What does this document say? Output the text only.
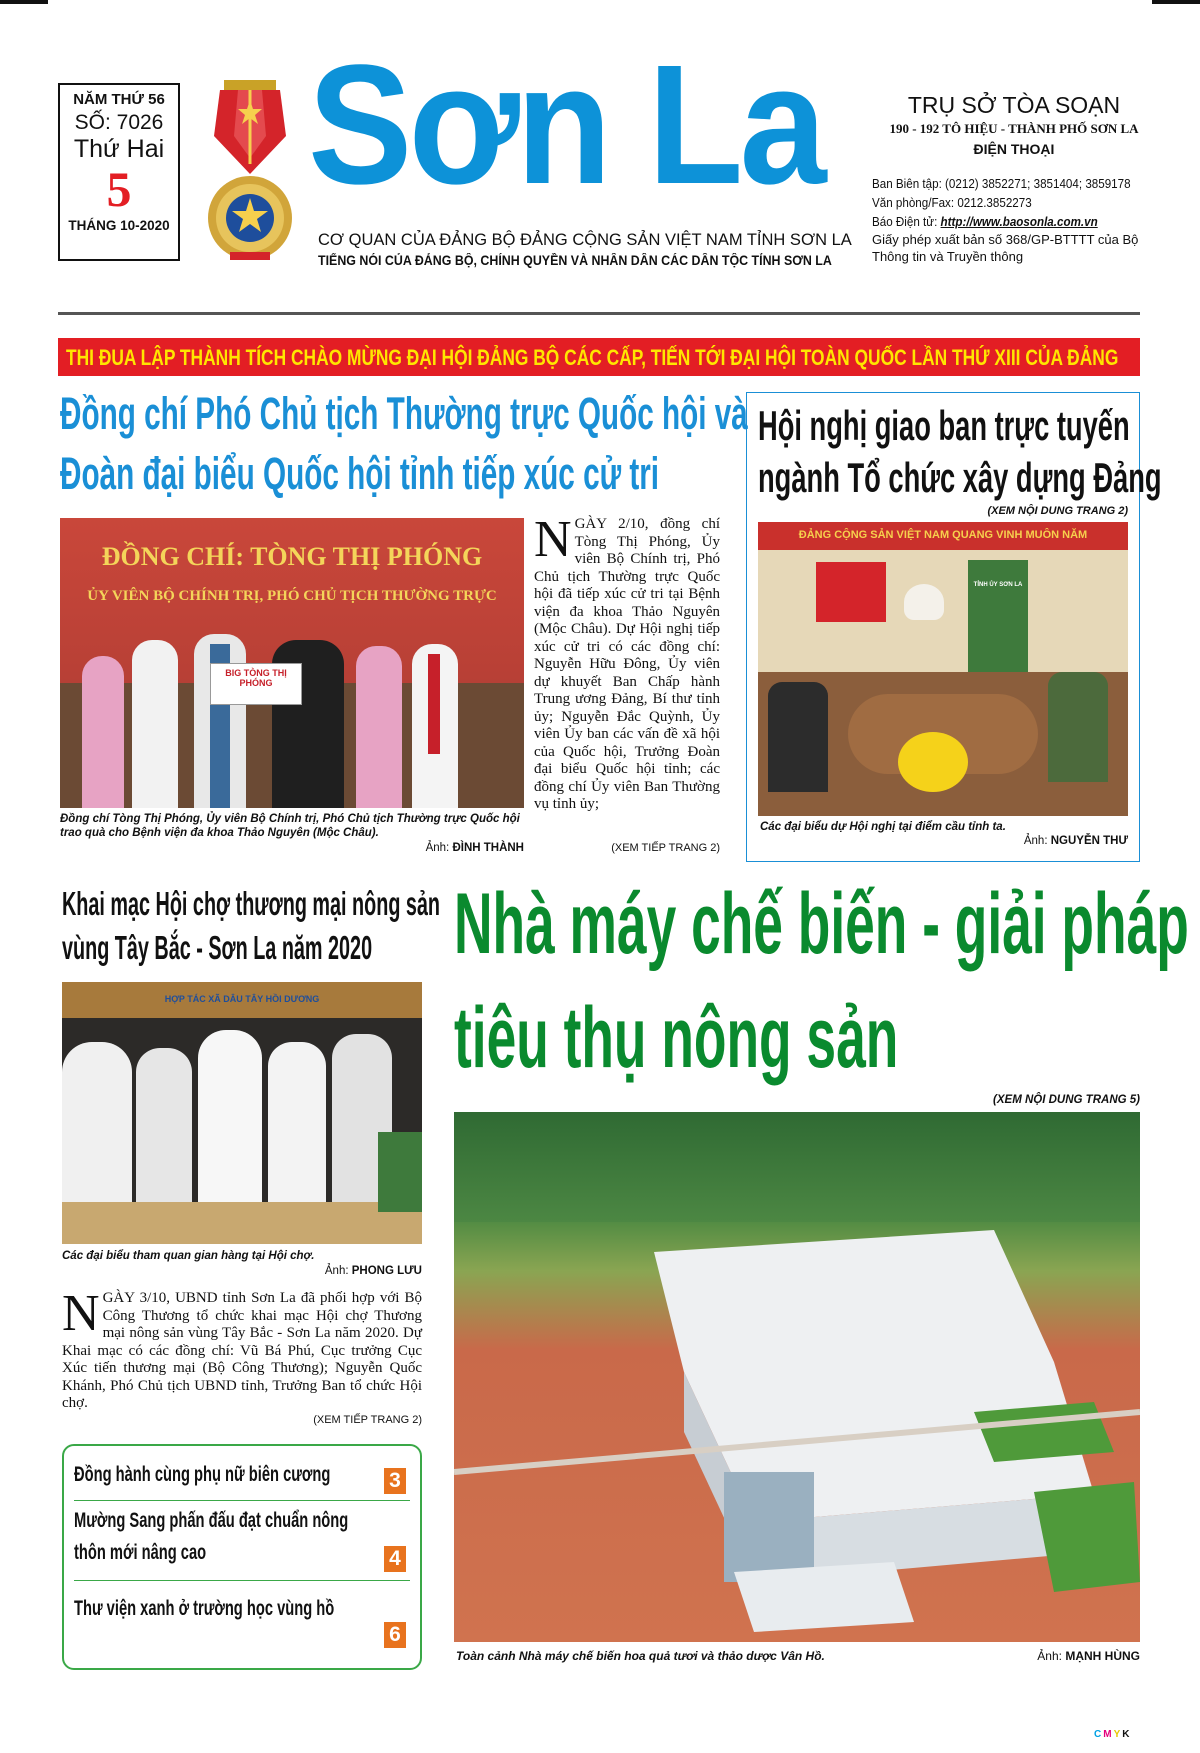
NĂM THỨ 56
SỐ: 7026
Thứ Hai
5
THÁNG 10-2020
Sơn La
CƠ QUAN CỦA ĐẢNG BỘ ĐẢNG CỘNG SẢN VIỆT NAM TỈNH SƠN LA
TIẾNG NÓI CỦA ĐẢNG BỘ, CHÍNH QUYỀN VÀ NHÂN DÂN CÁC DÂN TỘC TỈNH SƠN LA
TRỤ SỞ TÒA SOẠN
190 - 192 TÔ HIỆU - THÀNH PHỐ SƠN LA
ĐIỆN THOẠI
Ban Biên tập: (0212) 3852271; 3851404; 3859178
Văn phòng/Fax: 0212.3852273
Báo Điện tử: http://www.baosonla.com.vn
Giấy phép xuất bản số 368/GP-BTTTT của Bộ Thông tin và Truyền thông
THI ĐUA LẬP THÀNH TÍCH CHÀO MỪNG ĐẠI HỘI ĐẢNG BỘ CÁC CẤP, TIẾN TỚI ĐẠI HỘI TOÀN QUỐC LẦN THỨ XIII CỦA ĐẢNG
Đồng chí Phó Chủ tịch Thường trực Quốc hội và
Đoàn đại biểu Quốc hội tỉnh tiếp xúc cử tri
ĐỒNG CHÍ: TÒNG THỊ PHÓNG
ỦY VIÊN BỘ CHÍNH TRỊ, PHÓ CHỦ TỊCH THƯỜNG TRỰC
BIG TÒNG THỊ PHÓNG
Đồng chí Tòng Thị Phóng, Ủy viên Bộ Chính trị, Phó Chủ tịch Thường trực Quốc hội trao quà cho Bệnh viện đa khoa Thảo Nguyên (Mộc Châu).
Ảnh: ĐÌNH THÀNH
NGÀY 2/10, đồng chí Tòng Thị Phóng, Ủy viên Bộ Chính trị, Phó Chủ tịch Thường trực Quốc hội đã tiếp xúc cử tri tại Bệnh viện đa khoa Thảo Nguyên (Mộc Châu). Dự Hội nghị tiếp xúc cử tri có các đồng chí: Nguyễn Hữu Đông, Ủy viên dự khuyết Ban Chấp hành Trung ương Đảng, Bí thư tỉnh ủy; Nguyễn Đắc Quỳnh, Ủy viên Ủy ban các vấn đề xã hội của Quốc hội, Trưởng Đoàn đại biểu Quốc hội tỉnh; các đồng chí Ủy viên Ban Thường vụ tỉnh ủy;
(XEM TIẾP TRANG 2)
Hội nghị giao ban trực tuyến
ngành Tổ chức xây dựng Đảng
(XEM NỘI DUNG TRANG 2)
ĐẢNG CỘNG SẢN VIỆT NAM QUANG VINH MUÔN NĂM
TỈNH ỦY SƠN LA
Các đại biểu dự Hội nghị tại điểm cầu tỉnh ta.
Ảnh: NGUYỄN THƯ
Khai mạc Hội chợ thương mại nông sản
vùng Tây Bắc - Sơn La năm 2020
HỢP TÁC XÃ DÂU TÂY HỒI DƯƠNG
Các đại biểu tham quan gian hàng tại Hội chợ.
Ảnh: PHONG LƯU
NGÀY 3/10, UBND tỉnh Sơn La đã phối hợp với Bộ Công Thương tổ chức khai mạc Hội chợ Thương mại nông sản vùng Tây Bắc - Sơn La năm 2020. Dự Khai mạc có các đồng chí: Vũ Bá Phú, Cục trưởng Cục Xúc tiến thương mại (Bộ Công Thương); Nguyễn Quốc Khánh, Phó Chủ tịch UBND tỉnh, Trưởng Ban tổ chức Hội chợ.
(XEM TIẾP TRANG 2)
Đồng hành cùng phụ nữ biên cương	3
Mường Sang phấn đấu đạt chuẩn nông
thôn mới nâng cao	4
Thư viện xanh ở trường học vùng hồ
6
Nhà máy chế biến - giải pháp
tiêu thụ nông sản
(XEM NỘI DUNG TRANG 5)
Toàn cảnh Nhà máy chế biến hoa quả tươi và thảo dược Vân Hồ.	Ảnh: MẠNH HÙNG
CMYK
